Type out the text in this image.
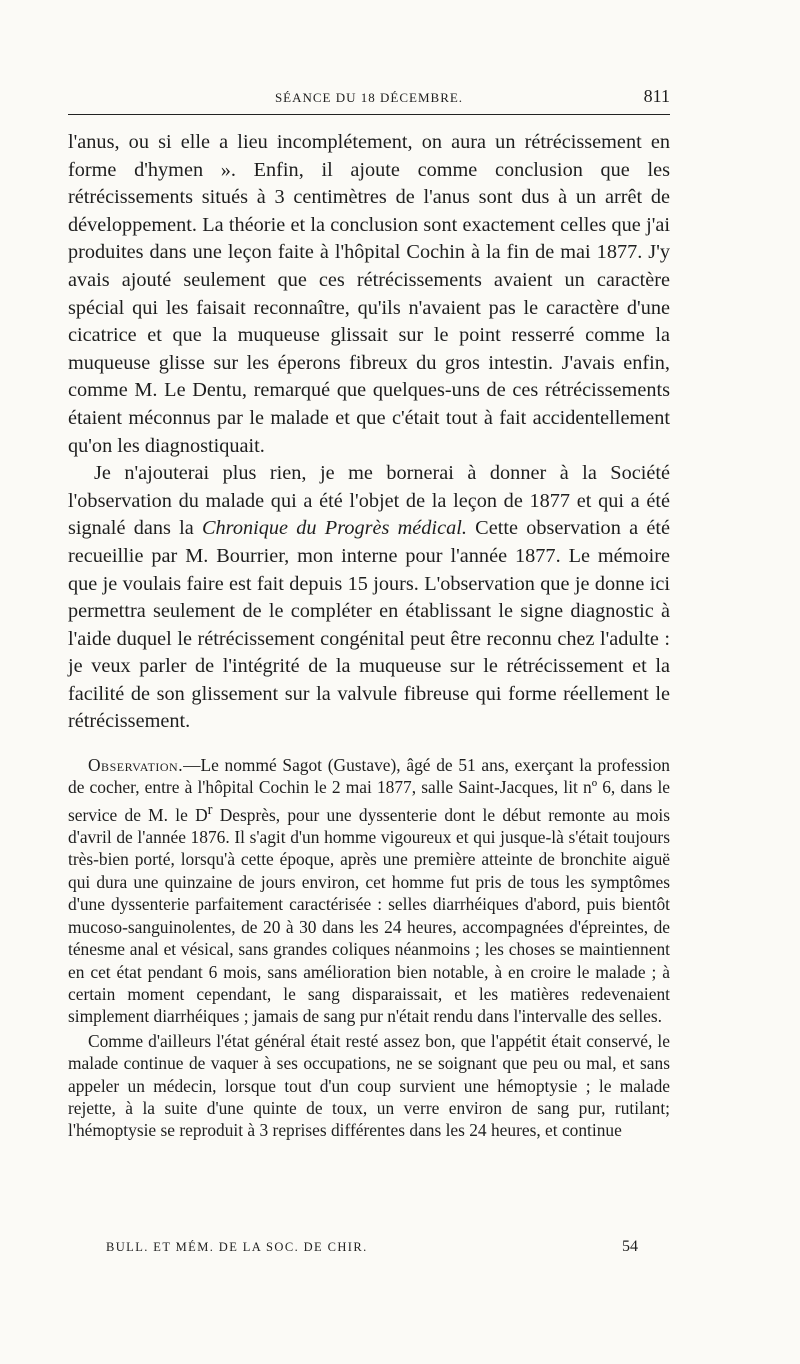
SÉANCE DU 18 DÉCEMBRE.	811

l'anus, ou si elle a lieu incomplétement, on aura un rétrécissement en forme d'hymen ». Enfin, il ajoute comme conclusion que les rétrécissements situés à 3 centimètres de l'anus sont dus à un arrêt de développement. La théorie et la conclusion sont exactement celles que j'ai produites dans une leçon faite à l'hôpital Cochin à la fin de mai 1877. J'y avais ajouté seulement que ces rétrécissements avaient un caractère spécial qui les faisait reconnaître, qu'ils n'avaient pas le caractère d'une cicatrice et que la muqueuse glissait sur le point resserré comme la muqueuse glisse sur les éperons fibreux du gros intestin. J'avais enfin, comme M. Le Dentu, remarqué que quelques-uns de ces rétrécissements étaient méconnus par le malade et que c'était tout à fait accidentellement qu'on les diagnostiquait.

Je n'ajouterai plus rien, je me bornerai à donner à la Société l'observation du malade qui a été l'objet de la leçon de 1877 et qui a été signalé dans la Chronique du Progrès médical. Cette observation a été recueillie par M. Bourrier, mon interne pour l'année 1877. Le mémoire que je voulais faire est fait depuis 15 jours. L'observation que je donne ici permettra seulement de le compléter en établissant le signe diagnostic à l'aide duquel le rétrécissement congénital peut être reconnu chez l'adulte : je veux parler de l'intégrité de la muqueuse sur le rétrécissement et la facilité de son glissement sur la valvule fibreuse qui forme réellement le rétrécissement.

Observation.—Le nommé Sagot (Gustave), âgé de 51 ans, exerçant la profession de cocher, entre à l'hôpital Cochin le 2 mai 1877, salle Saint-Jacques, lit nº 6, dans le service de M. le $D^r$ Desprès, pour une dyssenterie dont le début remonte au mois d'avril de l'année 1876. Il s'agit d'un homme vigoureux et qui jusque-là s'était toujours très-bien porté, lorsqu'à cette époque, après une première atteinte de bronchite aiguë qui dura une quinzaine de jours environ, cet homme fut pris de tous les symptômes d'une dyssenterie parfaitement caractérisée : selles diarrhéiques d'abord, puis bientôt mucoso-sanguinolentes, de 20 à 30 dans les 24 heures, accompagnées d'épreintes, de ténesme anal et vésical, sans grandes coliques néanmoins ; les choses se maintiennent en cet état pendant 6 mois, sans amélioration bien notable, à en croire le malade ; à certain moment cependant, le sang disparaissait, et les matières redevenaient simplement diarrhéiques ; jamais de sang pur n'était rendu dans l'intervalle des selles.

Comme d'ailleurs l'état général était resté assez bon, que l'appétit était conservé, le malade continue de vaquer à ses occupations, ne se soignant que peu ou mal, et sans appeler un médecin, lorsque tout d'un coup survient une hémoptysie ; le malade rejette, à la suite d'une quinte de toux, un verre environ de sang pur, rutilant; l'hémoptysie se reproduit à 3 reprises différentes dans les 24 heures, et continue

BULL. ET MÉM. DE LA SOC. DE CHIR.	54
